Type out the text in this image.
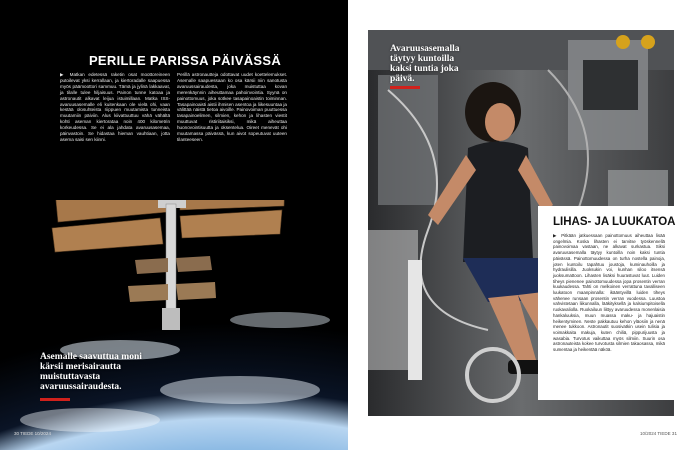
PERILLE PARISSA PÄIVÄSSÄ
▶ Matkan edetessä raketin osat moottoreineen putoilevat yksi kerrallaan, ja kiertoradalle saapuessa myös päämoottori sammuu. Tämä ja jylinä lakkaavat, ja tilalle tulee hiljaisuus. Painon tunne katoaa ja astronautit alkavat leijua istuimillaan. Matka ISS-avaruusasemalle eli kuitenkaan ole vielä ohi, vaan kestää olosuhteista riippuen muutamista tunneista muutamiin päiviin. Alus kiivattuuttuu vähä vähältä kohti aseman kiertorataa noin 400 kilometrin korkeudessa. Se ei ala jahdata avaruusasemaa, päinvastoin. Se hidastaa hieman vauhtiaan, jotta asema saisi sen kiinni.
Perillä astronautteja odottavat uudet koettelemukset. Asemalle saapuessaan ko osa kärsii niin sanotusta avaruussairaudesta, joka muistuttaa kovan merenkäynnin aiheuttamaa pahoinvointia. Syynä on painottomuus, joka sotkee tasapainoaistin toiminnan. Tasapainoaisti aistii ihmisen asentoa ja liikesuuntaa ja välittää näistä tietoa aivoille. Painovoiman puuttuessa tasapainoelimen, silmien, kehon ja lihasten viestit muuttuvat ristiriitaisiksi, mikä aiheuttaa huonovointisuutta ja oksentelua. Oireet menevät ohi muutamassa päivässä, kun aivot sopeutuvat uuteen tilanteeseen.
Asemalle saavuttua moni kärsii merisairautta muistuttavasta avaruussairaudesta.
30 TIEDE 10/2024
Avaruusasemalla täytyy kuntoilla kaksi tuntia joka päivä.
LIHAS- JA LUUKATOA
▶ Pitkään jatkuessaan painottomuus aiheuttaa lisää ongelmia. Koska lihasten ei tarvitse työskennellä painovoimaa vastaan, ne alkavat surkastua. Siksi avaruusasemalla täytyy kuntoilla noin kaksi tuntia päivässä. Painottomuudessa on turha nostella painoja, joten kuntoilu tapahtuu joustoja, kuminauhoilla ja hydraulisilla. Juoksukin voi, kunhan siloo itsensä juoksumattoon. Lihasten lisäksi huurastuvat luut. Luiden tiheys pienenee painottomuudessa jopa prosentin verran kuukaudessa. Tahti on melkoinen verrattuna tavalliseen luukatoon maanpinnalla: ikääntyvillä luiden tiheys vähenee runsaan prosentin verran vuodessa. Luustoa vahvistetaan liikunnalla, lääkityksellä ja kalsiumpitoisella ruokavaliolla. Ruokailuun liittyy avaruudessa monenlaisia hankaluuksia, muun muassa maku- ja hajuaistin heikentyminen. Neste pakkautuu kehon yläosiin ja nenä menee tukkoon. Astronautit suosivatkin usein tulisia ja voimakkaita makuja, kuten chiliä, pippurijuusta ja wasabia. Turvotus vaikuttaa myös silmiin. Suurin osa astronauteista kokee turvotusta silmien takaosassa, mikä sumentaa ja heikentää näköä.
10/2024 TIEDE 31
